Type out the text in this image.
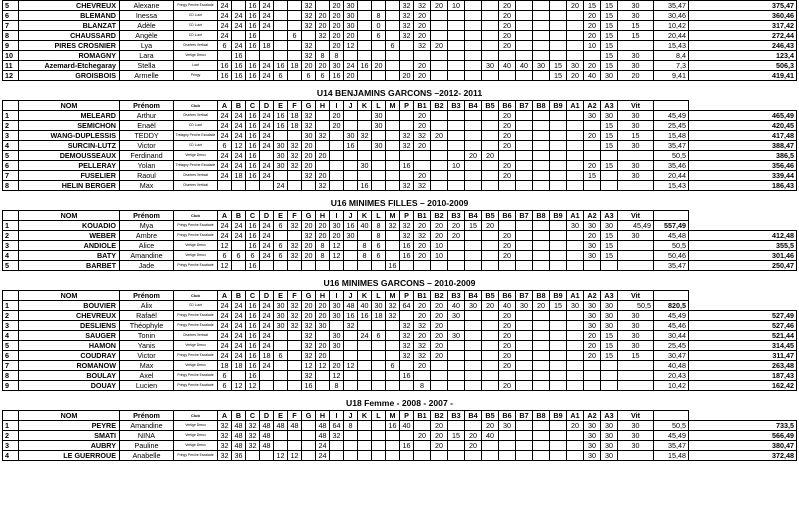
5	CHEVREUX	Alexane	Pringy Perche Escalade	24		16	24			32		20	30				32	32	20	10			20				20	15	15	30	35,47	375,47
6	BLEMAND	Inessa	CD Lucé	24	24	16	24			32	20	20	30		8		32	20					20					20	15	30	30,46	360,46
7	BLANZAT	Adèle	CD Lucé	24	24	16	24			32	20	20	30		0		32	20					20					20	15	15	10,42	317,42
8	CHAUSSARD	Angèle	CD Lucé	24		16			6		32	20	20		6		32	20					20					20	15	15	20,44	272,44
9	PIRES CROSNIER	Lya	Chartres Vertical	6	24	16	18			32		20	12			6		32	20				20					10	15		15,43	246,43
10	ROMAGNY	Lara	Vertige Dreux		16					32	8	8																	15	30	8,4	123,4
11	Azemard-Etchegaray	Stella	Lucé	16	16	16	24	16	18	20	20	30	24	16	20			20				30	40	40	30	15	30	20	15	30	7,3	506,3
12	GROISBOIS	Armelle	Pringy	16	16	16	24	6		6	6	16	20				20	20								15	20	40	30	20	9,41	419,41
U14 BENJAMINS GARCONS –2012- 2011
	NOM	Prénom	Club	A	B	C	D	E	F	G	H	I	J	K	L	M	P	B1	B2	B3	B4	B5	B6	B7	B8	B9	A1	A2	A3	Vit		
1	MELEARD	Arthur	Chartres Vertical	24	24	16	24	16	18	32		20			30			20					20					30	30	30	45,49	465,49
2	SEMICHON	Enaël	CD Lucé	24	24	16	24	16	18	32		20			30			20					20						15	30	25,45	420,45
3	WANG-DUPLESSIS	TEDDY	Trélagny Perche Escalade	24	24	16	24			30	32		30	32			32	32	20				20					20	15	15	15,48	417,48
4	SURCIN-LUTZ	Victor	CD Lucé	6	12	16	24	30	32	20			16		30		32	20					20						15	30	35,47	388,47
5	DEMOUSSEAUX	Ferdinand	Vertige Dreux	24	24	16		30	32	20	20										20	20									50,5	386,5
6	PELLERAY	Yolan	Trélagny Perche Escalade	24	24	16	24	30	32	20				30			16			10			20					20	15	30	35,46	356,46
7	FUSELIER	Raoul	Chartres Vertical	24	18	16	24			32	20							20					20					15		30	20,44	339,44
8	HELIN BERGER	Max	Chartres Vertical					24			32			16			32	32													15,43	186,43
U16 MINIMES FILLES – 2010-2009
	NOM	Prénom	Club	A	B	C	D	E	F	G	H	I	J	K	L	M	P	B1	B2	B3	B4	B5	B6	B7	B8	B9	A1	A2	A3	Vit		
1	KOUADIO	Mya	Pringy Perche Escalade	24	24	16	24	6	32	20	20	30	16	40	8	32	32	20	20	20	15	20					30	30	30	45,49	557,49	
2	WEBER	Ambre	Pringy Perche Escalade	24	24	16	24			32	20	20	30		8		32	32	20	20			20					20	15	30	45,48	412,48
3	ANDIOLE	Alice	Vertige Dreux	12		16	24	6	32	20	8	12		8	6		16	20	10				20					30	15		50,5	355,5
4	BATY	Amandine	Vertige Dreux	6	6	6	24	6	32	20	8	12		8	6		16	20	10				20					30	15		50,46	301,46
5	BARBET	Jade	Pringy Perche Escalade	12		16										16															35,47	250,47
U16 MINIMES GARCONS – 2010-2009
	NOM	Prénom	Club	A	B	C	D	E	F	G	H	I	J	K	L	M	P	B1	B2	B3	B4	B5	B6	B7	B8	B9	A1	A2	A3	Vit		
1	BOUVIER	Alix	CD Lucé	24	24	16	24	30	32	20	20	30	48	40	30	32	64	20	20	40	30	20	40	30	20	15	30	30	30	50,5	820,5	
2	CHEVREUX	Rafaël	Pringy Perche Escalade	24	24	16	24	30	32	20	20	30	16	16	18	32		20	20	30			20					30	30	30	45,49	527,49
3	DESLIENS	Théophyle	Pringy Perche Escalade	24	24	16	24	30	32	32	30		32				32	32	20				20					30	30	30	45,46	527,46
4	SAUGER	Tonin	Chartres Vertical	24	24	16	24			32		30		24	6		32	20	20	30			20					20	15	30	30,44	521,44
5	HAMON	Yanis	Vertige Dreux	24	24	16	24			32	20	30					32	32	20				20					20	15	30	25,45	314,45
6	COUDRAY	Victor	Pringy Perche Escalade	24	24	16	18	6		32	20						32	32	20				20					20	15	15	30,47	311,47
7	ROMANOW	Max	Vertige Dreux	18	18	16	24			12	12	20	12			6		20					20								40,48	263,48
8	BOULAY	Axel	Pringy Perche Escalade	6		16				32		12					16														20,43	187,43
9	DOUAY	Lucien	Pringy Perche Escalade	6	12	12				16		8						8					20								10,42	162,42
U18 Femme - 2008 - 2007 -
	NOM	Prénom	Club	A	B	C	D	E	F	G	H	I	J	K	L	M	P	B1	B2	B3	B4	B5	B6	B7	B8	B9	A1	A2	A3	Vit		
1	PEYRE	Amandine	Vertige Dreux	32	48	32	48	48	48		48	64	8			16	40		20			20	30				20	30	30	30	50,5	733,5
2	SMATI	NINA	Vertige Dreux	32	48	32	48				48	32						20	20	15	20	40						30	30	30	45,49	566,49
3	AUBRY	Pauline	Vertige Dreux	32	48	32	48				24						16		20		20							30	30	30	35,47	380,47
4	LE GUERROUE	Anabelle	Pringy Perche Escalade	32	36			12	12		24																	30	30		15,48	372,48
